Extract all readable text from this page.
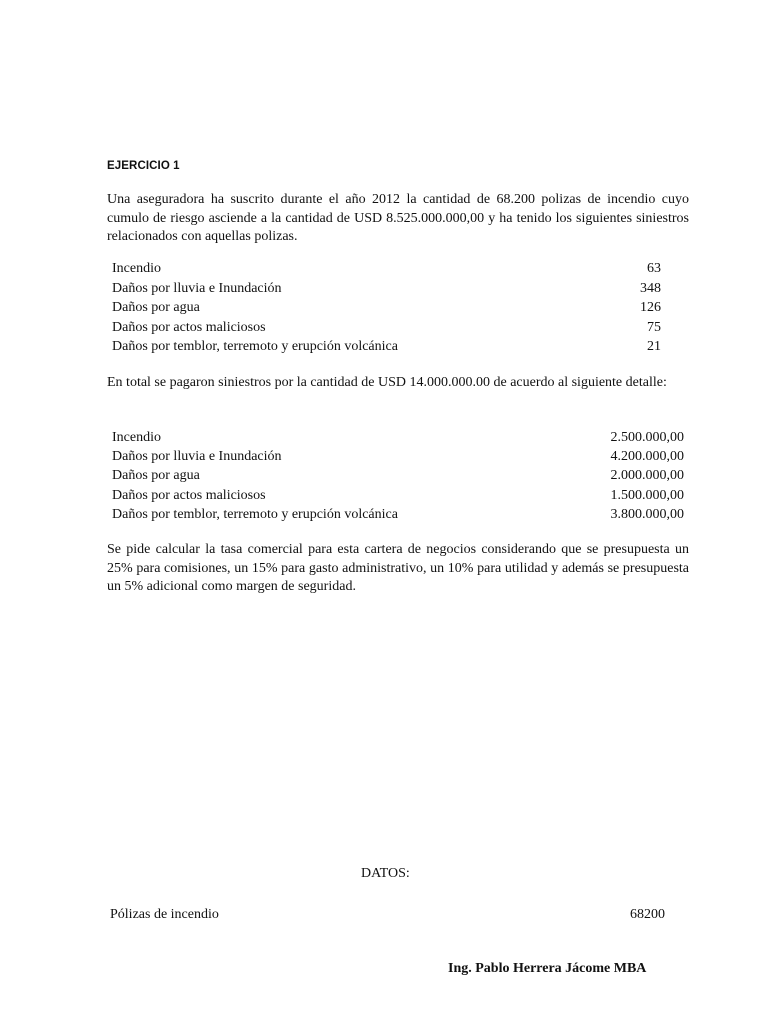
EJERCICIO 1
Una aseguradora ha suscrito durante el año 2012 la cantidad de 68.200 polizas de incendio cuyo cumulo de riesgo asciende a la cantidad de USD 8.525.000.000,00 y ha tenido los siguientes siniestros relacionados con aquellas polizas.
Incendio	63
Daños por lluvia e Inundación	348
Daños por agua	126
Daños por actos maliciosos	75
Daños por temblor, terremoto y erupción volcánica	21
En total se pagaron siniestros por la cantidad de USD 14.000.000.00 de acuerdo al siguiente detalle:
Incendio	2.500.000,00
Daños por lluvia e Inundación	4.200.000,00
Daños por agua	2.000.000,00
Daños por actos maliciosos	1.500.000,00
Daños por temblor, terremoto y erupción volcánica	3.800.000,00
Se pide calcular la tasa comercial para esta cartera de negocios considerando que se presupuesta un 25% para comisiones, un 15% para gasto administrativo, un 10% para utilidad y además se presupuesta un 5% adicional como margen de seguridad.
DATOS:
Pólizas de incendio	68200
Ing. Pablo Herrera Jácome MBA
